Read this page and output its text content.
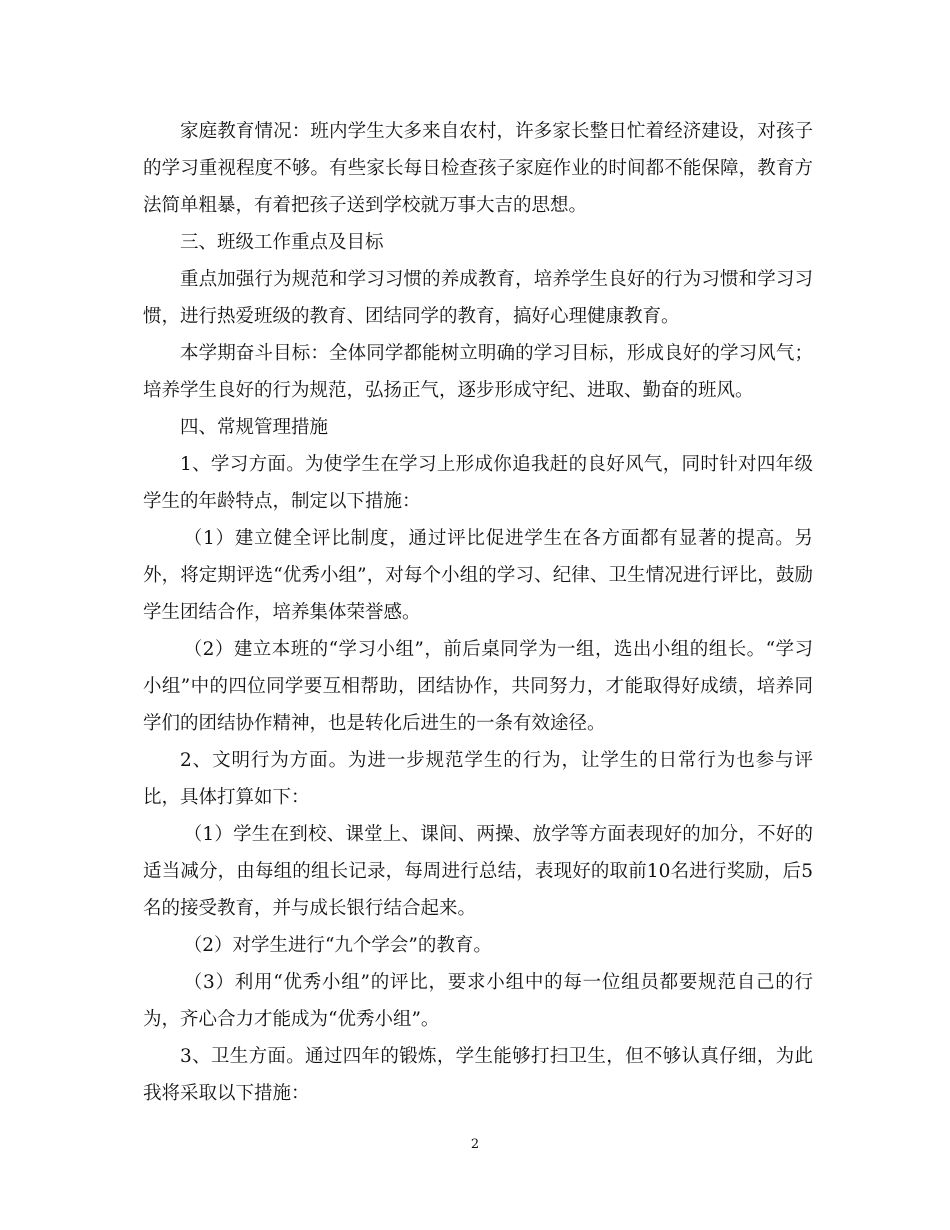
家庭教育情况：班内学生大多来自农村，许多家长整日忙着经济建设，对孩子的学习重视程度不够。有些家长每日检查孩子家庭作业的时间都不能保障，教育方法简单粗暴，有着把孩子送到学校就万事大吉的思想。

三、班级工作重点及目标

重点加强行为规范和学习习惯的养成教育，培养学生良好的行为习惯和学习习惯，进行热爱班级的教育、团结同学的教育，搞好心理健康教育。

本学期奋斗目标：全体同学都能树立明确的学习目标，形成良好的学习风气；培养学生良好的行为规范，弘扬正气，逐步形成守纪、进取、勤奋的班风。

四、常规管理措施

1、学习方面。为使学生在学习上形成你追我赶的良好风气，同时针对四年级学生的年龄特点，制定以下措施：

（1）建立健全评比制度，通过评比促进学生在各方面都有显著的提高。另外，将定期评选“优秀小组”，对每个小组的学习、纪律、卫生情况进行评比，鼓励学生团结合作，培养集体荣誉感。

（2）建立本班的“学习小组”，前后桌同学为一组，选出小组的组长。“学习小组”中的四位同学要互相帮助，团结协作，共同努力，才能取得好成绩，培养同学们的团结协作精神，也是转化后进生的一条有效途径。

2、文明行为方面。为进一步规范学生的行为，让学生的日常行为也参与评比，具体打算如下：

（1）学生在到校、课堂上、课间、两操、放学等方面表现好的加分，不好的适当减分，由每组的组长记录，每周进行总结，表现好的取前10名进行奖励，后5名的接受教育，并与成长银行结合起来。

（2）对学生进行“九个学会”的教育。

（3）利用“优秀小组”的评比，要求小组中的每一位组员都要规范自己的行为，齐心合力才能成为“优秀小组”。

3、卫生方面。通过四年的锻炼，学生能够打扫卫生，但不够认真仔细，为此我将采取以下措施：

2
